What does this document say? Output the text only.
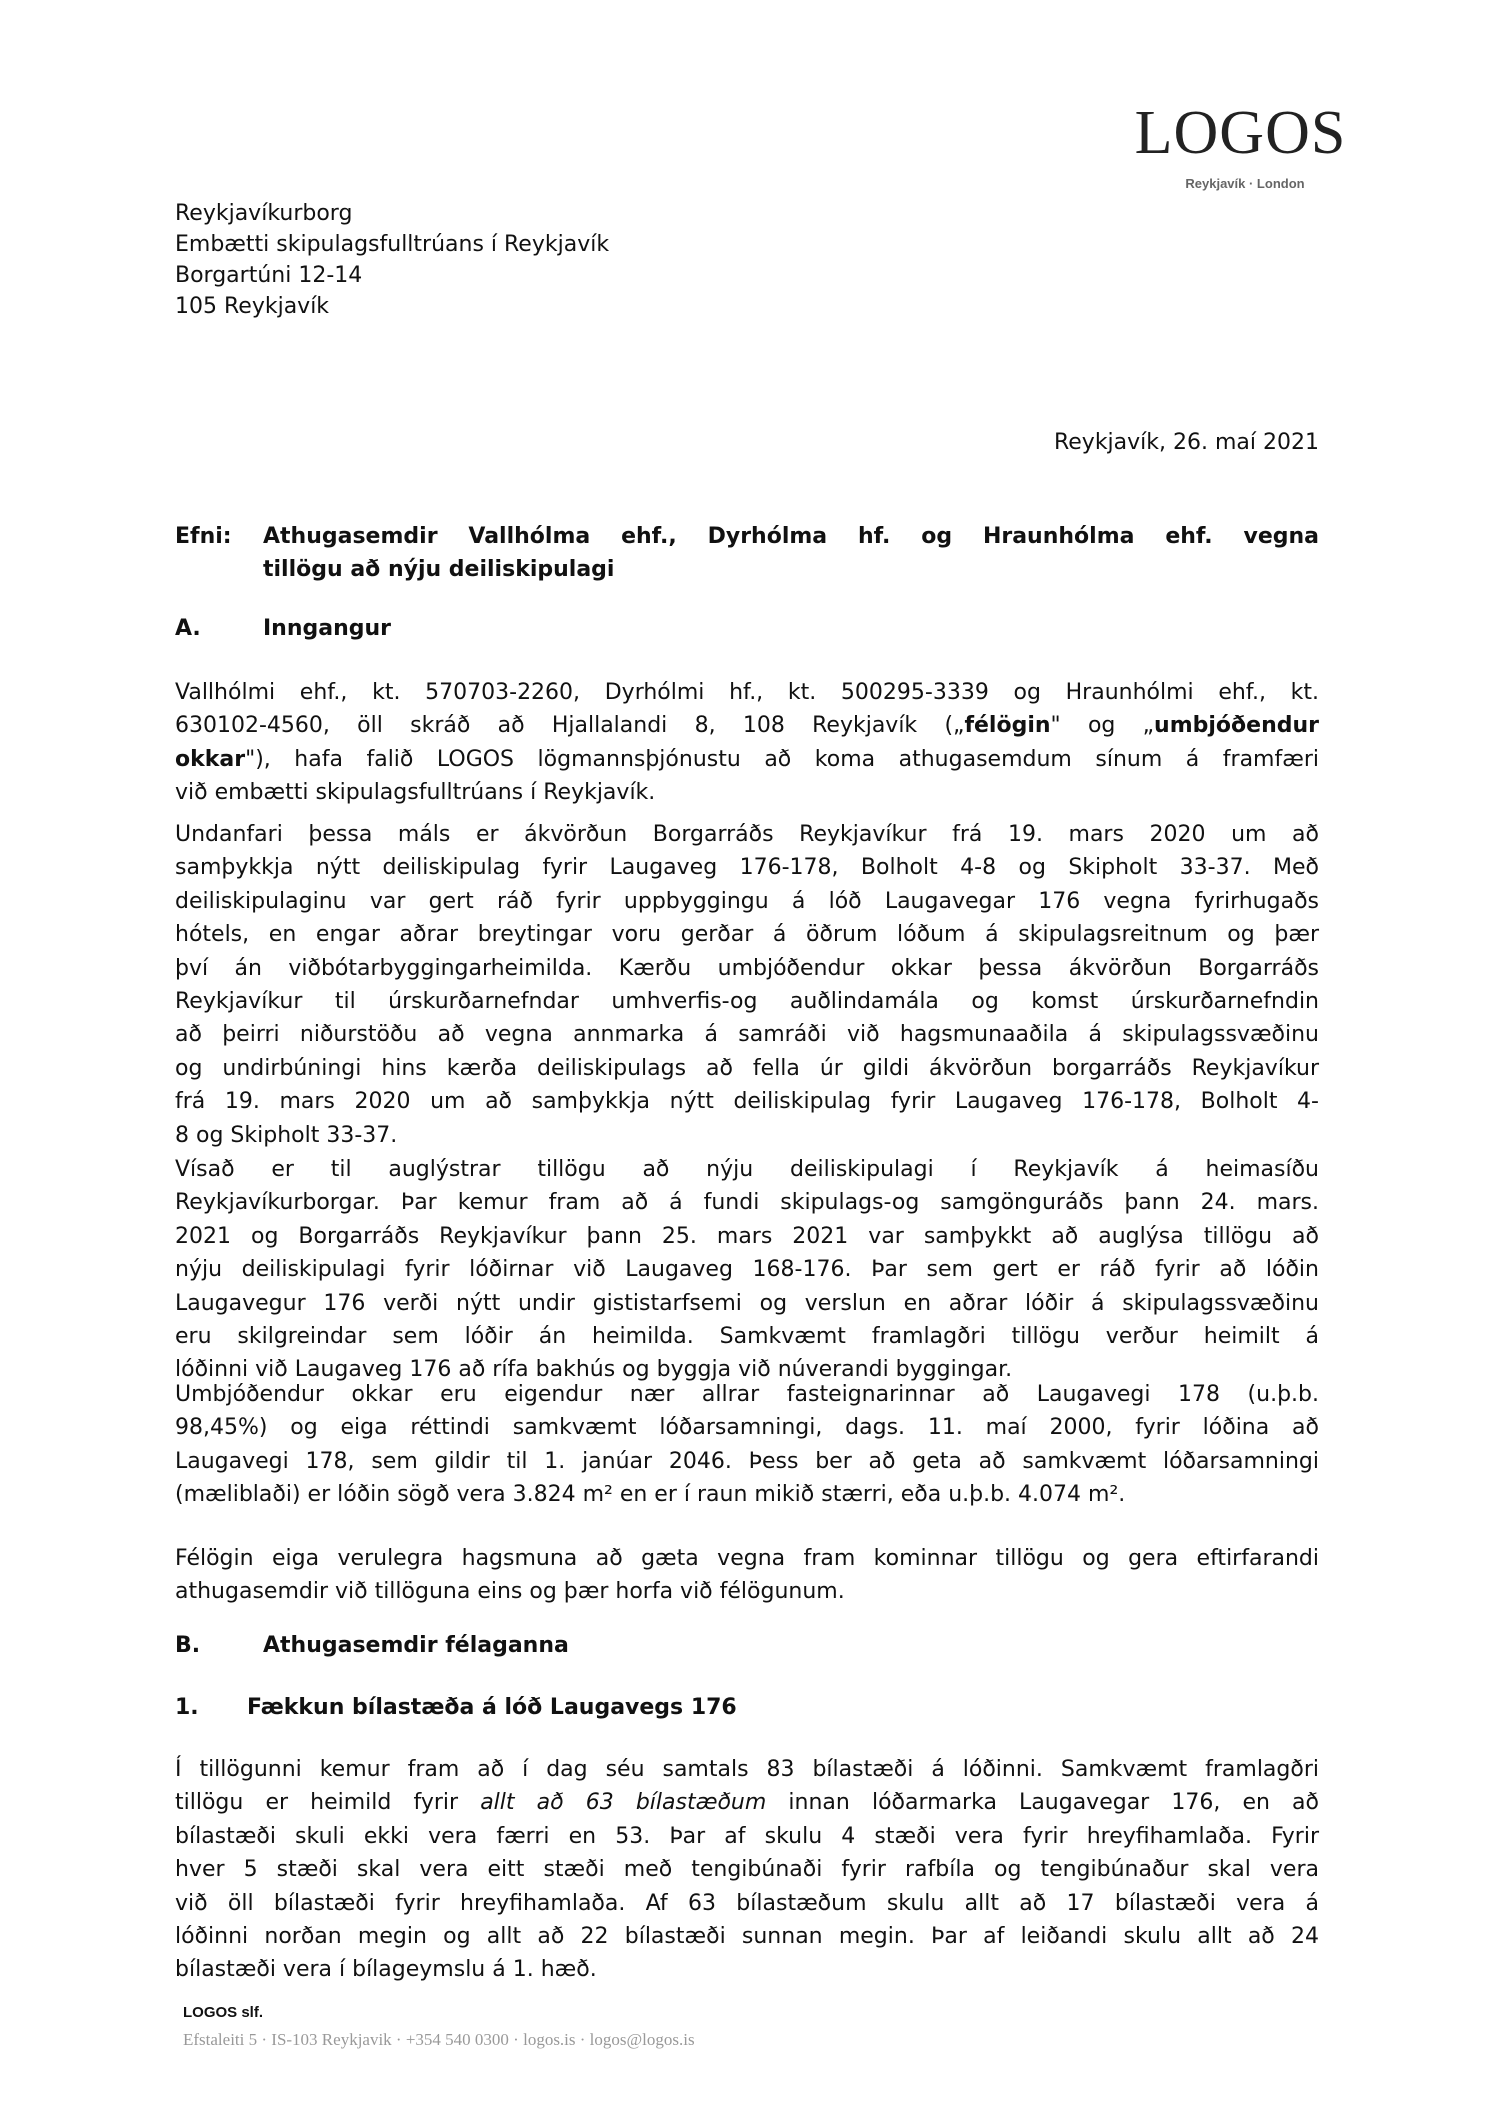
LOGOS
Reykjavík · London
Reykjavíkurborg
Embætti skipulagsfulltrúans í Reykjavík
Borgartúni 12-14
105 Reykjavík
Reykjavík, 26. maí 2021
Efni: Athugasemdir Vallhólma ehf., Dyrhólma hf. og Hraunhólma ehf. vegna
tillögu að nýju deiliskipulagi
A.	Inngangur
Vallhólmi ehf., kt. 570703-2260, Dyrhólmi hf., kt. 500295-3339 og Hraunhólmi ehf., kt.
630102-4560, öll skráð að Hjallalandi 8, 108 Reykjavík („félögin" og „umbjóðendur
okkar"), hafa falið LOGOS lögmannsþjónustu að koma athugasemdum sínum á framfæri
við embætti skipulagsfulltrúans í Reykjavík.
Undanfari þessa máls er ákvörðun Borgarráðs Reykjavíkur frá 19. mars 2020 um að
samþykkja nýtt deiliskipulag fyrir Laugaveg 176-178, Bolholt 4-8 og Skipholt 33-37. Með
deiliskipulaginu var gert ráð fyrir uppbyggingu á lóð Laugavegar 176 vegna fyrirhugaðs
hótels, en engar aðrar breytingar voru gerðar á öðrum lóðum á skipulagsreitnum og þær
því án viðbótarbyggingarheimilda. Kærðu umbjóðendur okkar þessa ákvörðun Borgarráðs
Reykjavíkur til úrskurðarnefndar umhverfis-og auðlindamála og komst úrskurðarnefndin
að þeirri niðurstöðu að vegna annmarka á samráði við hagsmunaaðila á skipulagssvæðinu
og undirbúningi hins kærða deiliskipulags að fella úr gildi ákvörðun borgarráðs Reykjavíkur
frá 19. mars 2020 um að samþykkja nýtt deiliskipulag fyrir Laugaveg 176-178, Bolholt 4-
8 og Skipholt 33-37.
Vísað er til auglýstrar tillögu að nýju deiliskipulagi í Reykjavík á heimasíðu
Reykjavíkurborgar. Þar kemur fram að á fundi skipulags-og samgönguráðs þann 24. mars.
2021 og Borgarráðs Reykjavíkur þann 25. mars 2021 var samþykkt að auglýsa tillögu að
nýju deiliskipulagi fyrir lóðirnar við Laugaveg 168-176. Þar sem gert er ráð fyrir að lóðin
Laugavegur 176 verði nýtt undir gististarfsemi og verslun en aðrar lóðir á skipulagssvæðinu
eru skilgreindar sem lóðir án heimilda. Samkvæmt framlagðri tillögu verður heimilt á
lóðinni við Laugaveg 176 að rífa bakhús og byggja við núverandi byggingar.
Umbjóðendur okkar eru eigendur nær allrar fasteignarinnar að Laugavegi 178 (u.þ.b.
98,45%) og eiga réttindi samkvæmt lóðarsamningi, dags. 11. maí 2000, fyrir lóðina að
Laugavegi 178, sem gildir til 1. janúar 2046. Þess ber að geta að samkvæmt lóðarsamningi
(mæliblaði) er lóðin sögð vera 3.824 m² en er í raun mikið stærri, eða u.þ.b. 4.074 m².
Félögin eiga verulegra hagsmuna að gæta vegna fram kominnar tillögu og gera eftirfarandi
athugasemdir við tillöguna eins og þær horfa við félögunum.
B.	Athugasemdir félaganna
1. Fækkun bílastæða á lóð Laugavegs 176
Í tillögunni kemur fram að í dag séu samtals 83 bílastæði á lóðinni. Samkvæmt framlagðri
tillögu er heimild fyrir allt að 63 bílastæðum innan lóðarmarka Laugavegar 176, en að
bílastæði skuli ekki vera færri en 53. Þar af skulu 4 stæði vera fyrir hreyfihamlaða. Fyrir
hver 5 stæði skal vera eitt stæði með tengibúnaði fyrir rafbíla og tengibúnaður skal vera
við öll bílastæði fyrir hreyfihamlaða. Af 63 bílastæðum skulu allt að 17 bílastæði vera á
lóðinni norðan megin og allt að 22 bílastæði sunnan megin. Þar af leiðandi skulu allt að 24
bílastæði vera í bílageymslu á 1. hæð.
LOGOS slf.
Efstaleiti 5 · IS-103 Reykjavik · +354 540 0300 · logos.is · logos@logos.is
